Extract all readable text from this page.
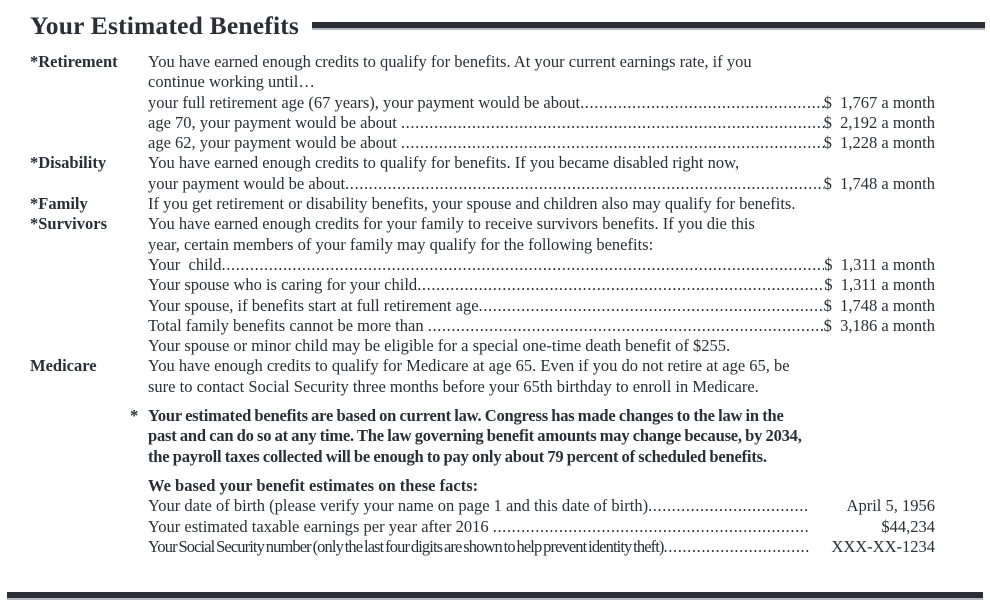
Your Estimated Benefits
*Retirement	You have earned enough credits to qualify for benefits. At your current earnings rate, if you
continue working until…
your full retirement age (67 years), your payment would be about .....	$  1,767 a month
age 70, your payment would be about .....	$  2,192 a month
age 62, your payment would be about .....	$  1,228 a month
*Disability	You have earned enough credits to qualify for benefits. If you became disabled right now,
your payment would be about .....	$  1,748 a month
*Family	If you get retirement or disability benefits, your spouse and children also may qualify for benefits.
*Survivors	You have earned enough credits for your family to receive survivors benefits. If you die this
year, certain members of your family may qualify for the following benefits:
Your  child .....	$  1,311 a month
Your spouse who is caring for your child .....	$  1,311 a month
Your spouse, if benefits start at full retirement age .....	$  1,748 a month
Total family benefits cannot be more than .....	$  3,186 a month
Your spouse or minor child may be eligible for a special one-time death benefit of $255.
Medicare	You have enough credits to qualify for Medicare at age 65. Even if you do not retire at age 65, be
sure to contact Social Security three months before your 65th birthday to enroll in Medicare.
* Your estimated benefits are based on current law. Congress has made changes to the law in the
past and can do so at any time. The law governing benefit amounts may change because, by 2034,
the payroll taxes collected will be enough to pay only about 79 percent of scheduled benefits.
We based your benefit estimates on these facts:
Your date of birth (please verify your name on page 1 and this date of birth) .....	April 5, 1956
Your estimated taxable earnings per year after 2016 .....	$44,234
Your Social Security number (only the last four digits are shown to help prevent identity theft) .....	XXX-XX-1234
